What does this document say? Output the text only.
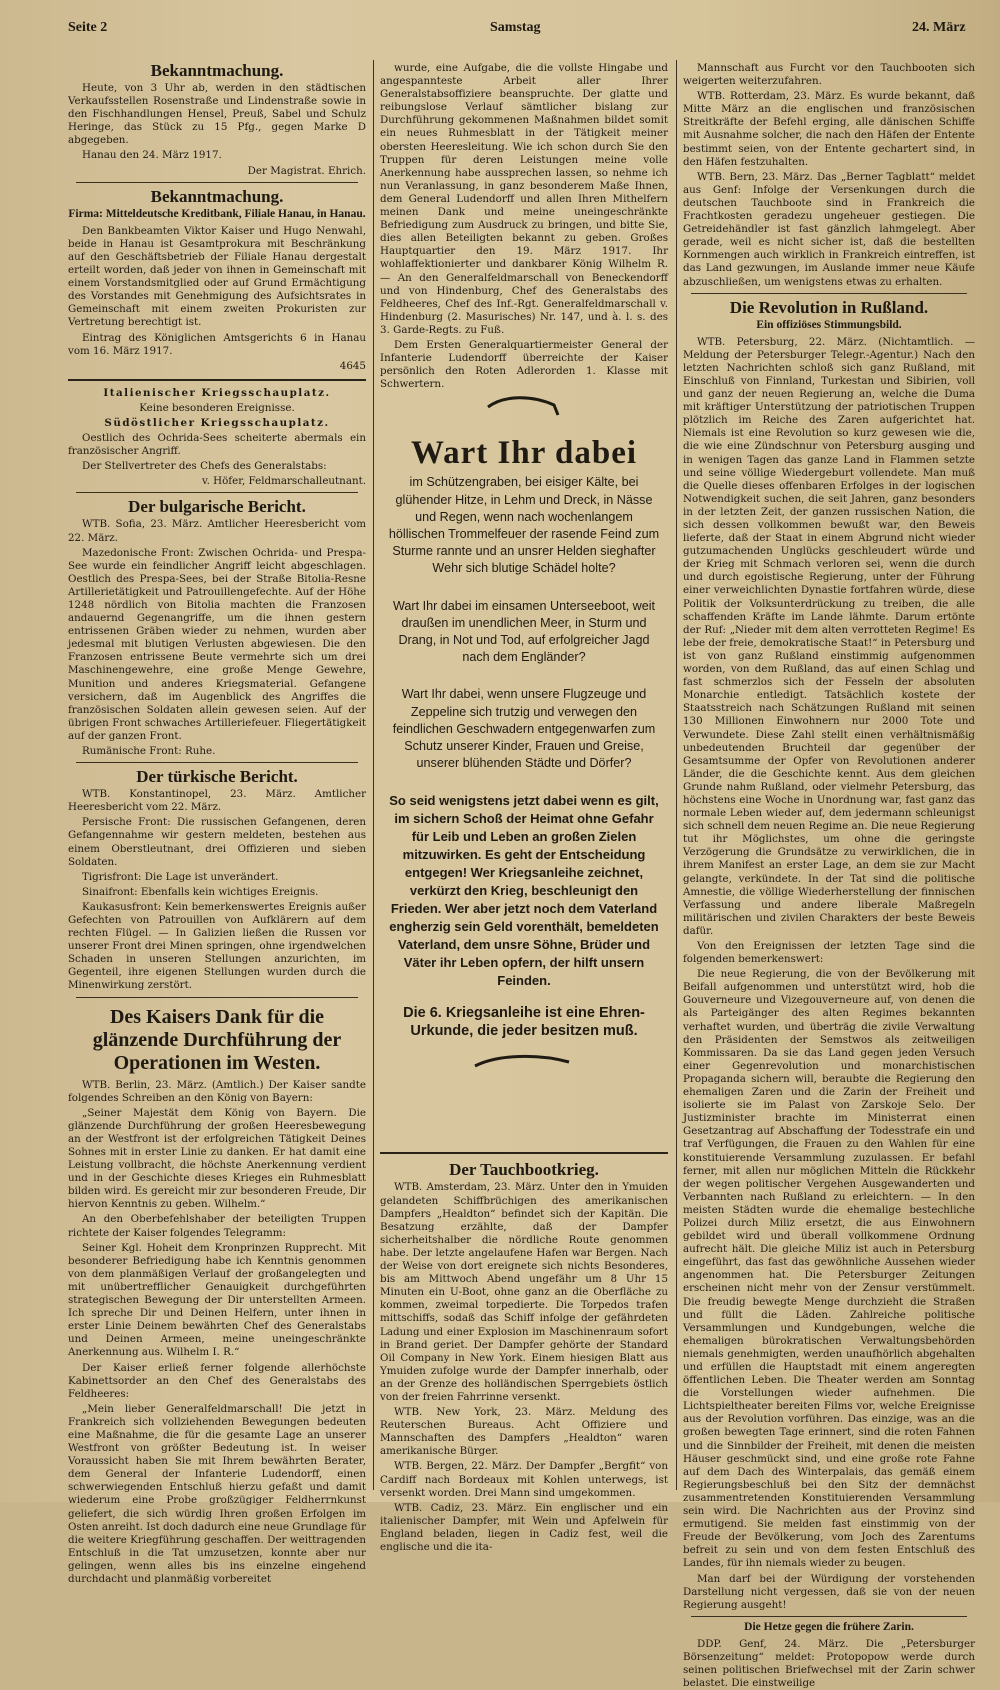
Seite 2	Samstag	24. März
Bekanntmachung.

Heute, von 3 Uhr ab, werden in den städtischen Verkaufsstellen Rosenstraße und Lindenstraße sowie in den Fischhandlungen Hensel, Preuß, Sabel und Schulz Heringe, das Stück zu 15 Pfg., gegen Marke D abgegeben.

Hanau den 24. März 1917.

Der Magistrat. Ehrich.

Bekanntmachung.
Firma: Mitteldeutsche Kreditbank, Filiale Hanau, in Hanau.

Den Bankbeamten Viktor Kaiser und Hugo Nenwahl, beide in Hanau ist Gesamtprokura mit Beschränkung auf den Geschäftsbetrieb der Filiale Hanau dergestalt erteilt worden, daß jeder von ihnen in Gemeinschaft mit einem Vorstandsmitglied oder auf Grund Ermächtigung des Vorstandes mit Genehmigung des Aufsichtsrates in Gemeinschaft mit einem zweiten Prokuristen zur Vertretung berechtigt ist.

Eintrag des Königlichen Amtsgerichts 6 in Hanau vom 16. März 1917.

4645

Italienischer Kriegsschauplatz.

Keine besonderen Ereignisse.

Südöstlicher Kriegsschauplatz.

Oestlich des Ochrida-Sees scheiterte abermals ein französischer Angriff.

Der Stellvertreter des Chefs des Generalstabs:

v. Höfer, Feldmarschalleutnant.

Der bulgarische Bericht.

WTB. Sofia, 23. März. Amtlicher Heeresbericht vom 22. März.

Mazedonische Front: Zwischen Ochrida- und Prespa-See wurde ein feindlicher Angriff leicht abgeschlagen. Oestlich des Prespa-Sees, bei der Straße Bitolia-Resne Artillerietätigkeit und Patrouillengefechte. Auf der Höhe 1248 nördlich von Bitolia machten die Franzosen andauernd Gegenangriffe, um die ihnen gestern entrissenen Gräben wieder zu nehmen, wurden aber jedesmal mit blutigen Verlusten abgewiesen. Die den Franzosen entrissene Beute vermehrte sich um drei Maschinengewehre, eine große Menge Gewehre, Munition und anderes Kriegsmaterial. Gefangene versichern, daß im Augenblick des Angriffes die französischen Soldaten allein gewesen seien. Auf der übrigen Front schwaches Artilleriefeuer. Fliegertätigkeit auf der ganzen Front.

Rumänische Front: Ruhe.

Der türkische Bericht.

WTB. Konstantinopel, 23. März. Amtlicher Heeresbericht vom 22. März.

Persische Front: Die russischen Gefangenen, deren Gefangennahme wir gestern meldeten, bestehen aus einem Oberstleutnant, drei Offizieren und sieben Soldaten.

Tigrisfront: Die Lage ist unverändert.

Sinaifront: Ebenfalls kein wichtiges Ereignis.

Kaukasusfront: Kein bemerkenswertes Ereignis außer Gefechten von Patrouillen von Aufklärern auf dem rechten Flügel. — In Galizien ließen die Russen vor unserer Front drei Minen springen, ohne irgendwelchen Schaden in unseren Stellungen anzurichten, im Gegenteil, ihre eigenen Stellungen wurden durch die Minenwirkung zerstört.

Des Kaisers Dank für die glänzende Durchführung der Operationen im Westen.

WTB. Berlin, 23. März. (Amtlich.) Der Kaiser sandte folgendes Schreiben an den König von Bayern:

„Seiner Majestät dem König von Bayern. Die glänzende Durchführung der großen Heeresbewegung an der Westfront ist der erfolgreichen Tätigkeit Deines Sohnes mit in erster Linie zu danken. Er hat damit eine Leistung vollbracht, die höchste Anerkennung verdient und in der Geschichte dieses Krieges ein Ruhmesblatt bilden wird. Es gereicht mir zur besonderen Freude, Dir hiervon Kenntnis zu geben. Wilhelm.“

An den Oberbefehlshaber der beteiligten Truppen richtete der Kaiser folgendes Telegramm:

Seiner Kgl. Hoheit dem Kronprinzen Rupprecht. Mit besonderer Befriedigung habe ich Kenntnis genommen von dem planmäßigen Verlauf der großangelegten und mit unübertrefflicher Genauigkeit durchgeführten strategischen Bewegung der Dir unterstellten Armeen. Ich spreche Dir und Deinen Helfern, unter ihnen in erster Linie Deinem bewährten Chef des Generalstabs und Deinen Armeen, meine uneingeschränkte Anerkennung aus. Wilhelm I. R.“

Der Kaiser erließ ferner folgende allerhöchste Kabinettsorder an den Chef des Generalstabs des Feldheeres:

„Mein lieber Generalfeldmarschall! Die jetzt in Frankreich sich vollziehenden Bewegungen bedeuten eine Maßnahme, die für die gesamte Lage an unserer Westfront von größter Bedeutung ist. In weiser Voraussicht haben Sie mit Ihrem bewährten Berater, dem General der Infanterie Ludendorff, einen schwerwiegenden Entschluß hierzu gefaßt und damit wiederum eine Probe großzügiger Feldherrnkunst geliefert, die sich würdig Ihren großen Erfolgen im Osten anreiht. Ist doch dadurch eine neue Grundlage für die weitere Kriegführung geschaffen. Der weittragenden Entschluß in die Tat umzusetzen, konnte aber nur gelingen, wenn alles bis ins einzelne eingehend durchdacht und planmäßig vorbereitet

wurde, eine Aufgabe, die die vollste Hingabe und angespannteste Arbeit aller Ihrer Generalstabsoffiziere beanspruchte. Der glatte und reibungslose Verlauf sämtlicher bislang zur Durchführung gekommenen Maßnahmen bildet somit ein neues Ruhmesblatt in der Tätigkeit meiner obersten Heeresleitung. Wie ich schon durch Sie den Truppen für deren Leistungen meine volle Anerkennung habe aussprechen lassen, so nehme ich nun Veranlassung, in ganz besonderem Maße Ihnen, dem General Ludendorff und allen Ihren Mithelfern meinen Dank und meine uneingeschränkte Befriedigung zum Ausdruck zu bringen, und bitte Sie, dies allen Beteiligten bekannt zu geben. Großes Hauptquartier den 19. März 1917. Ihr wohlaffektionierter und dankbarer König Wilhelm R. — An den Generalfeldmarschall von Beneckendorff und von Hindenburg, Chef des Generalstabs des Feldheeres, Chef des Inf.-Rgt. Generalfeldmarschall v. Hindenburg (2. Masurisches) Nr. 147, und à. l. s. des 3. Garde-Regts. zu Fuß.

Dem Ersten Generalquartiermeister General der Infanterie Ludendorff überreichte der Kaiser persönlich den Roten Adlerorden 1. Klasse mit Schwertern.

Wart Ihr dabei
im Schützengraben, bei eisiger Kälte, bei glühender Hitze, in Lehm und Dreck, in Nässe und Regen, wenn nach wochenlangem höllischen Trommelfeuer der rasende Feind zum Sturme rannte und an unsrer Helden sieghafter Wehr sich blutige Schädel holte?
Wart Ihr dabei im einsamen Unterseeboot, weit draußen im unendlichen Meer, in Sturm und Drang, in Not und Tod, auf erfolgreicher Jagd nach dem Engländer?
Wart Ihr dabei, wenn unsere Flugzeuge und Zeppeline sich trutzig und verwegen den feindlichen Geschwadern entgegenwarfen zum Schutz unserer Kinder, Frauen und Greise, unserer blühenden Städte und Dörfer?
So seid wenigstens jetzt dabei wenn es gilt, im sichern Schoß der Heimat ohne Gefahr für Leib und Leben an großen Zielen mitzuwirken. Es geht der Entscheidung entgegen! Wer Kriegsanleihe zeichnet, verkürzt den Krieg, beschleunigt den Frieden. Wer aber jetzt noch dem Vaterland engherzig sein Geld vorenthält, bemeldeten Vaterland, dem unsre Söhne, Brüder und Väter ihr Leben opfern, der hilft unsern Feinden.
Die 6. Kriegsanleihe ist eine Ehren-Urkunde, die jeder besitzen muß.
Der Tauchbootkrieg.

WTB. Amsterdam, 23. März. Unter den in Ymuiden gelandeten Schiffbrüchigen des amerikanischen Dampfers „Healdton“ befindet sich der Kapitän. Die Besatzung erzählte, daß der Dampfer sicherheitshalber die nördliche Route genommen habe. Der letzte angelaufene Hafen war Bergen. Nach der Weise von dort ereignete sich nichts Besonderes, bis am Mittwoch Abend ungefähr um 8 Uhr 15 Minuten ein U-Boot, ohne ganz an die Oberfläche zu kommen, zweimal torpedierte. Die Torpedos trafen mittschiffs, sodaß das Schiff infolge der gefährdeten Ladung und einer Explosion im Maschinenraum sofort in Brand geriet. Der Dampfer gehörte der Standard Oil Company in New York. Einem hiesigen Blatt aus Ymuiden zufolge wurde der Dampfer innerhalb, oder an der Grenze des holländischen Sperrgebiets östlich von der freien Fahrrinne versenkt.

WTB. New York, 23. März. Meldung des Reuterschen Bureaus. Acht Offiziere und Mannschaften des Dampfers „Healdton“ waren amerikanische Bürger.

WTB. Bergen, 22. März. Der Dampfer „Bergfit“ von Cardiff nach Bordeaux mit Kohlen unterwegs, ist versenkt worden. Drei Mann sind umgekommen.

WTB. Cadiz, 23. März. Ein englischer und ein italienischer Dampfer, mit Wein und Apfelwein für England beladen, liegen in Cadiz fest, weil die englische und die ita-

Mannschaft aus Furcht vor den Tauchbooten sich weigerten weiterzufahren.

WTB. Rotterdam, 23. März. Es wurde bekannt, daß Mitte März an die englischen und französischen Streitkräfte der Befehl erging, alle dänischen Schiffe mit Ausnahme solcher, die nach den Häfen der Entente bestimmt seien, von der Entente gechartert sind, in den Häfen festzuhalten.

WTB. Bern, 23. März. Das „Berner Tagblatt“ meldet aus Genf: Infolge der Versenkungen durch die deutschen Tauchboote sind in Frankreich die Frachtkosten geradezu ungeheuer gestiegen. Die Getreidehändler ist fast gänzlich lahmgelegt. Aber gerade, weil es nicht sicher ist, daß die bestellten Kornmengen auch wirklich in Frankreich eintreffen, ist das Land gezwungen, im Auslande immer neue Käufe abzuschließen, um wenigstens etwas zu erhalten.

Die Revolution in Rußland.
Ein offiziöses Stimmungsbild.

WTB. Petersburg, 22. März. (Nichtamtlich. — Meldung der Petersburger Telegr.-Agentur.) Nach den letzten Nachrichten schloß sich ganz Rußland, mit Einschluß von Finnland, Turkestan und Sibirien, voll und ganz der neuen Regierung an, welche die Duma mit kräftiger Unterstützung der patriotischen Truppen plötzlich im Reiche des Zaren aufgerichtet hat. Niemals ist eine Revolution so kurz gewesen wie die, die wie eine Zündschnur von Petersburg ausging und in wenigen Tagen das ganze Land in Flammen setzte und seine völlige Wiedergeburt vollendete. Man muß die Quelle dieses offenbaren Erfolges in der logischen Notwendigkeit suchen, die seit Jahren, ganz besonders in der letzten Zeit, der ganzen russischen Nation, die sich dessen vollkommen bewußt war, den Beweis lieferte, daß der Staat in einem Abgrund nicht wieder gutzumachenden Unglücks geschleudert würde und der Krieg mit Schmach verloren sei, wenn die durch und durch egoistische Regierung, unter der Führung einer verweichlichten Dynastie fortfahren würde, diese Politik der Volksunterdrückung zu treiben, die alle schaffenden Kräfte im Lande lähmte. Darum ertönte der Ruf: „Nieder mit dem alten verrotteten Regime! Es lebe der freie, demokratische Staat!“ in Petersburg und ist von ganz Rußland einstimmig aufgenommen worden, von dem Rußland, das auf einen Schlag und fast schmerzlos sich der Fesseln der absoluten Monarchie entledigt. Tatsächlich kostete der Staatsstreich nach Schätzungen Rußland mit seinen 130 Millionen Einwohnern nur 2000 Tote und Verwundete. Diese Zahl stellt einen verhältnismäßig unbedeutenden Bruchteil dar gegenüber der Gesamtsumme der Opfer von Revolutionen anderer Länder, die die Geschichte kennt. Aus dem gleichen Grunde nahm Rußland, oder vielmehr Petersburg, das höchstens eine Woche in Unordnung war, fast ganz das normale Leben wieder auf, dem jedermann schleunigst sich schnell dem neuen Regime an. Die neue Regierung tut ihr Möglichstes, um ohne die geringste Verzögerung die Grundsätze zu verwirklichen, die in ihrem Manifest an erster Lage, an dem sie zur Macht gelangte, verkündete. In der Tat sind die politische Amnestie, die völlige Wiederherstellung der finnischen Verfassung und andere liberale Maßregeln militärischen und zivilen Charakters der beste Beweis dafür.

Von den Ereignissen der letzten Tage sind die folgenden bemerkenswert:

Die neue Regierung, die von der Bevölkerung mit Beifall aufgenommen und unterstützt wird, hob die Gouverneure und Vizegouverneure auf, von denen die als Parteigänger des alten Regimes bekannten verhaftet wurden, und überträg die zivile Verwaltung den Präsidenten der Semstwos als zeitweiligen Kommissaren. Da sie das Land gegen jeden Versuch einer Gegenrevolution und monarchistischen Propaganda sichern will, beraubte die Regierung den ehemaligen Zaren und die Zarin der Freiheit und isolierte sie im Palast von Zarskoje Selo. Der Justizminister brachte im Ministerrat einen Gesetzantrag auf Abschaffung der Todesstrafe ein und traf Verfügungen, die Frauen zu den Wahlen für eine konstituierende Versammlung zuzulassen. Er befahl ferner, mit allen nur möglichen Mitteln die Rückkehr der wegen politischer Vergehen Ausgewanderten und Verbannten nach Rußland zu erleichtern. — In den meisten Städten wurde die ehemalige bestechliche Polizei durch Miliz ersetzt, die aus Einwohnern gebildet wird und überall vollkommene Ordnung aufrecht hält. Die gleiche Miliz ist auch in Petersburg eingeführt, das fast das gewöhnliche Aussehen wieder angenommen hat. Die Petersburger Zeitungen erscheinen nicht mehr von der Zensur verstümmelt. Die freudig bewegte Menge durchzieht die Straßen und füllt die Läden. Zahlreiche politische Versammlungen und Kundgebungen, welche die ehemaligen bürokratischen Verwaltungsbehörden niemals genehmigten, werden unaufhörlich abgehalten und erfüllen die Hauptstadt mit einem angeregten öffentlichen Leben. Die Theater werden am Sonntag die Vorstellungen wieder aufnehmen. Die Lichtspieltheater bereiten Films vor, welche Ereignisse aus der Revolution vorführen. Das einzige, was an die großen bewegten Tage erinnert, sind die roten Fahnen und die Sinnbilder der Freiheit, mit denen die meisten Häuser geschmückt sind, und eine große rote Fahne auf dem Dach des Winterpalais, das gemäß einem Regierungsbeschluß bei den Sitz der demnächst zusammentretenden Konstituierenden Versammlung sein wird. Die Nachrichten aus der Provinz sind ermutigend. Sie melden fast einstimmig von der Freude der Bevölkerung, vom Joch des Zarentums befreit zu sein und von dem festen Entschluß des Landes, für ihn niemals wieder zu beugen.

Man darf bei der Würdigung der vorstehenden Darstellung nicht vergessen, daß sie von der neuen Regierung ausgeht!

Die Hetze gegen die frühere Zarin.

DDP. Genf, 24. März. Die „Petersburger Börsenzeitung“ meldet: Protopopow werde durch seinen politischen Briefwechsel mit der Zarin schwer belastet. Die einstweilige
